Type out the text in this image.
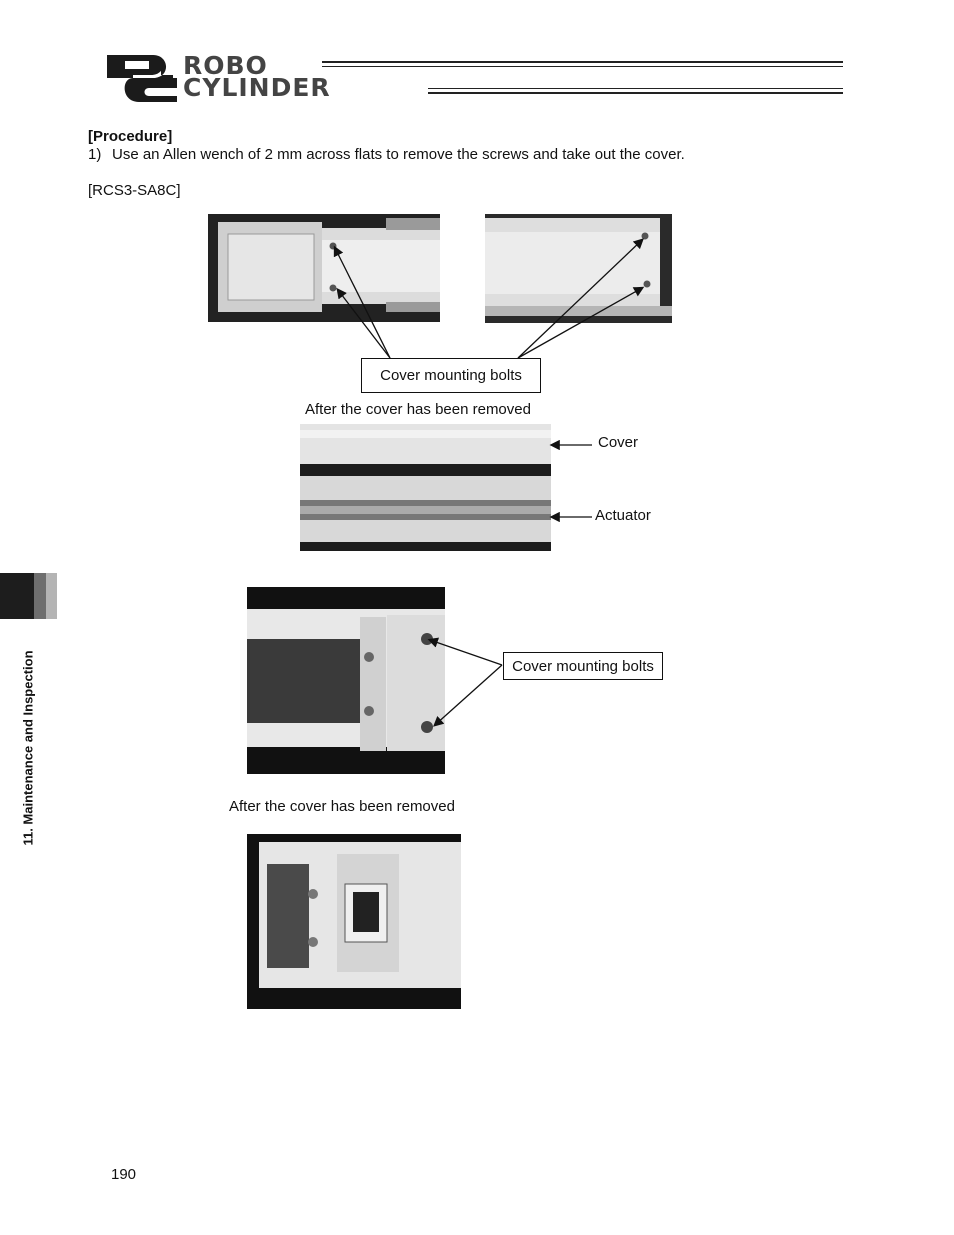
ROBO
CYLINDER
[Procedure]
1) Use an Allen wench of 2 mm across flats to remove the screws and take out the cover.
[RCS3-SA8C]
Cover mounting bolts
After the cover has been removed
Cover
Actuator
Cover mounting bolts
After the cover has been removed
11. Maintenance and Inspection
190
